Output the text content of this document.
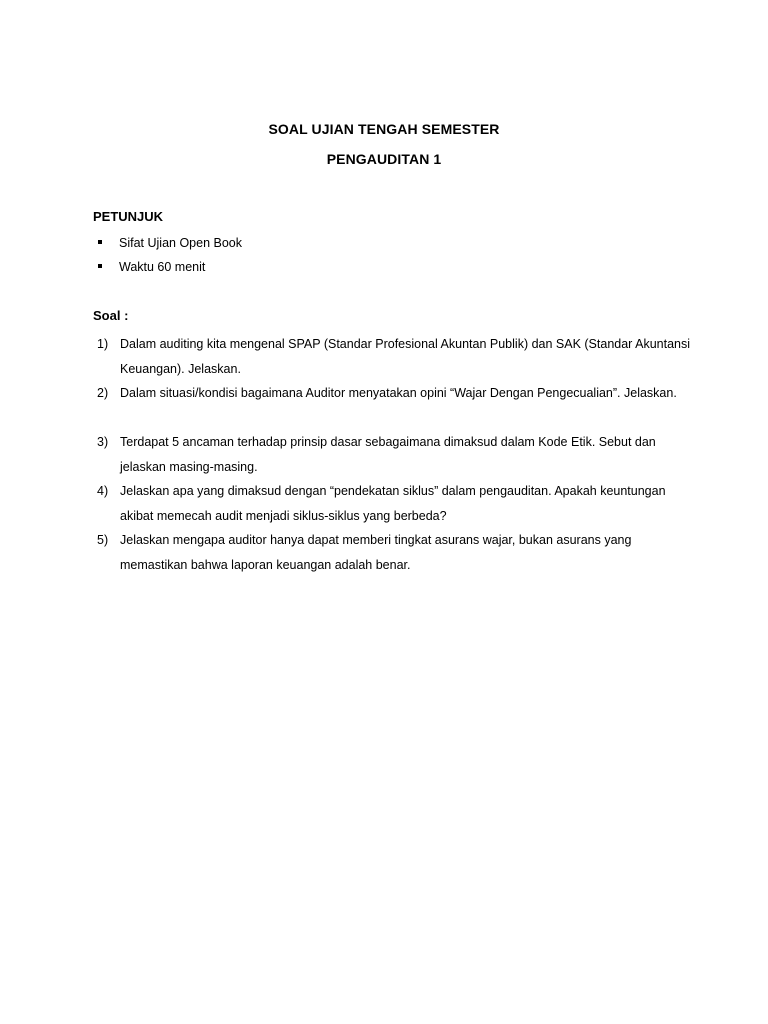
SOAL UJIAN TENGAH SEMESTER
PENGAUDITAN 1
PETUNJUK
Sifat Ujian Open Book
Waktu 60 menit
Soal :
1) Dalam auditing kita mengenal SPAP (Standar Profesional Akuntan Publik) dan SAK (Standar Akuntansi Keuangan). Jelaskan.
2) Dalam situasi/kondisi bagaimana Auditor menyatakan opini “Wajar Dengan Pengecualian”. Jelaskan.
3) Terdapat 5 ancaman terhadap prinsip dasar sebagaimana dimaksud dalam Kode Etik. Sebut dan jelaskan masing-masing.
4) Jelaskan apa yang dimaksud dengan “pendekatan siklus” dalam pengauditan. Apakah keuntungan akibat memecah audit menjadi siklus-siklus yang berbeda?
5) Jelaskan mengapa auditor hanya dapat memberi tingkat asurans wajar, bukan asurans yang memastikan bahwa laporan keuangan adalah benar.
